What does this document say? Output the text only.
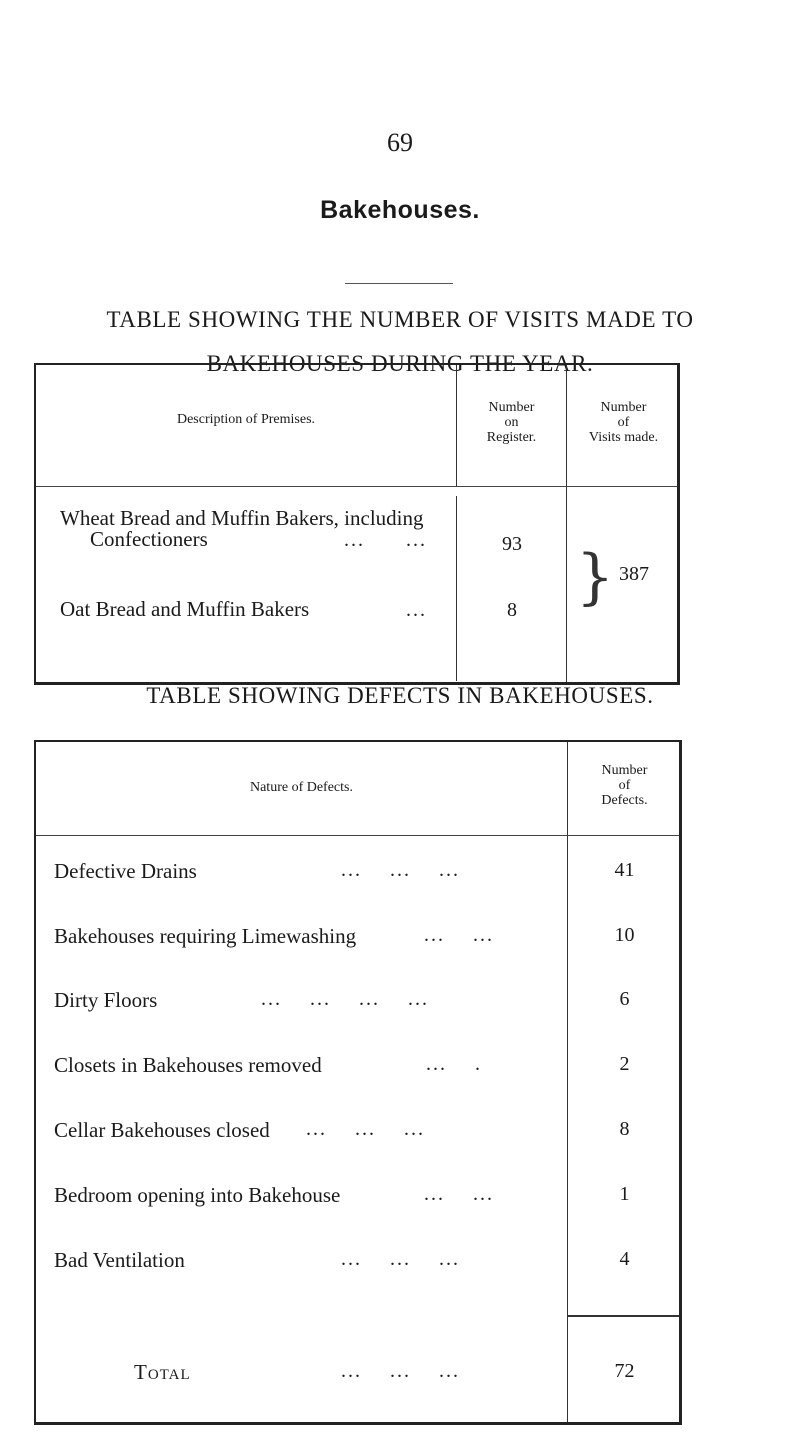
69
Bakehouses.
TABLE SHOWING THE NUMBER OF VISITS MADE TO
BAKEHOUSES DURING THE YEAR.
Description of Premises.
Number
on
Register.
Number
of
Visits made.
Wheat Bread and Muffin Bakers, including
Confectioners	... ...	93
Oat Bread and Muffin Bakers	...	8 } 387
TABLE SHOWING DEFECTS IN BAKEHOUSES.
Nature of Defects.
Number
of
Defects.
Defective Drains	...    ...    ...	41
Bakehouses requiring Limewashing	...    ...	10
Dirty Floors	...    ...    ...    ...	6
Closets in Bakehouses removed	...    .	2
Cellar Bakehouses closed ...    ...    ...	8
Bedroom opening into Bakehouse	...    ...	1
Bad Ventilation	...    ...    ...	4
Total	...    ...    ...	72
